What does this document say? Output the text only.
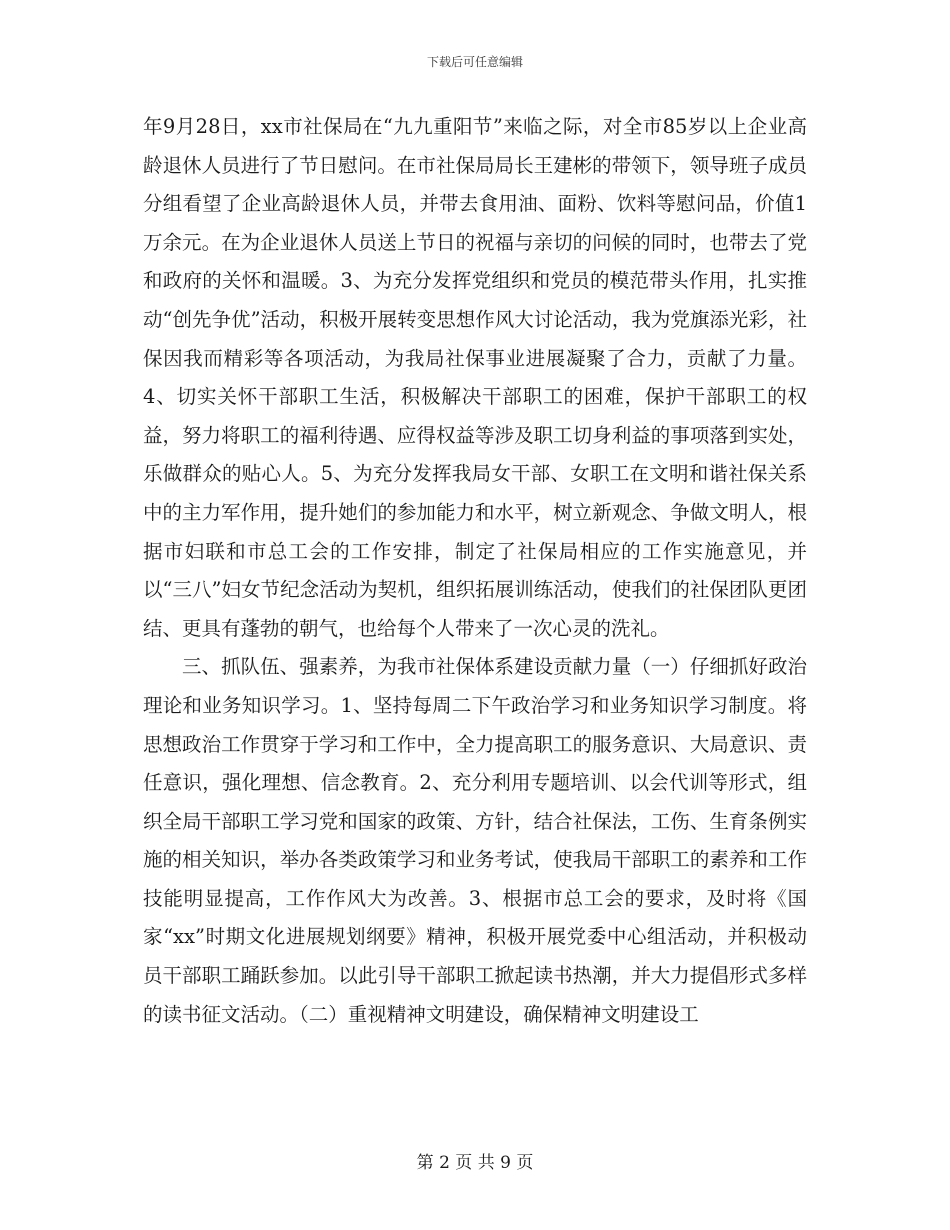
下载后可任意编辑

年9月28日，xx市社保局在“九九重阳节”来临之际，对全市85岁以上企业高龄退休人员进行了节日慰问。在市社保局局长王建彬的带领下，领导班子成员分组看望了企业高龄退休人员，并带去食用油、面粉、饮料等慰问品，价值1万余元。在为企业退休人员送上节日的祝福与亲切的问候的同时，也带去了党和政府的关怀和温暖。3、为充分发挥党组织和党员的模范带头作用，扎实推动“创先争优”活动，积极开展转变思想作风大讨论活动，我为党旗添光彩，社保因我而精彩等各项活动，为我局社保事业进展凝聚了合力，贡献了力量。4、切实关怀干部职工生活，积极解决干部职工的困难，保护干部职工的权益，努力将职工的福利待遇、应得权益等涉及职工切身利益的事项落到实处，乐做群众的贴心人。5、为充分发挥我局女干部、女职工在文明和谐社保关系中的主力军作用，提升她们的参加能力和水平，树立新观念、争做文明人，根据市妇联和市总工会的工作安排，制定了社保局相应的工作实施意见，并以“三八”妇女节纪念活动为契机，组织拓展训练活动，使我们的社保团队更团结、更具有蓬勃的朝气，也给每个人带来了一次心灵的洗礼。

三、抓队伍、强素养，为我市社保体系建设贡献力量（一）仔细抓好政治理论和业务知识学习。1、坚持每周二下午政治学习和业务知识学习制度。将思想政治工作贯穿于学习和工作中，全力提高职工的服务意识、大局意识、责任意识，强化理想、信念教育。2、充分利用专题培训、以会代训等形式，组织全局干部职工学习党和国家的政策、方针，结合社保法，工伤、生育条例实施的相关知识，举办各类政策学习和业务考试，使我局干部职工的素养和工作技能明显提高，工作作风大为改善。3、根据市总工会的要求，及时将《国家“xx”时期文化进展规划纲要》精神，积极开展党委中心组活动，并积极动员干部职工踊跃参加。以此引导干部职工掀起读书热潮，并大力提倡形式多样的读书征文活动。（二）重视精神文明建设，确保精神文明建设工

第 2 页 共 9 页
